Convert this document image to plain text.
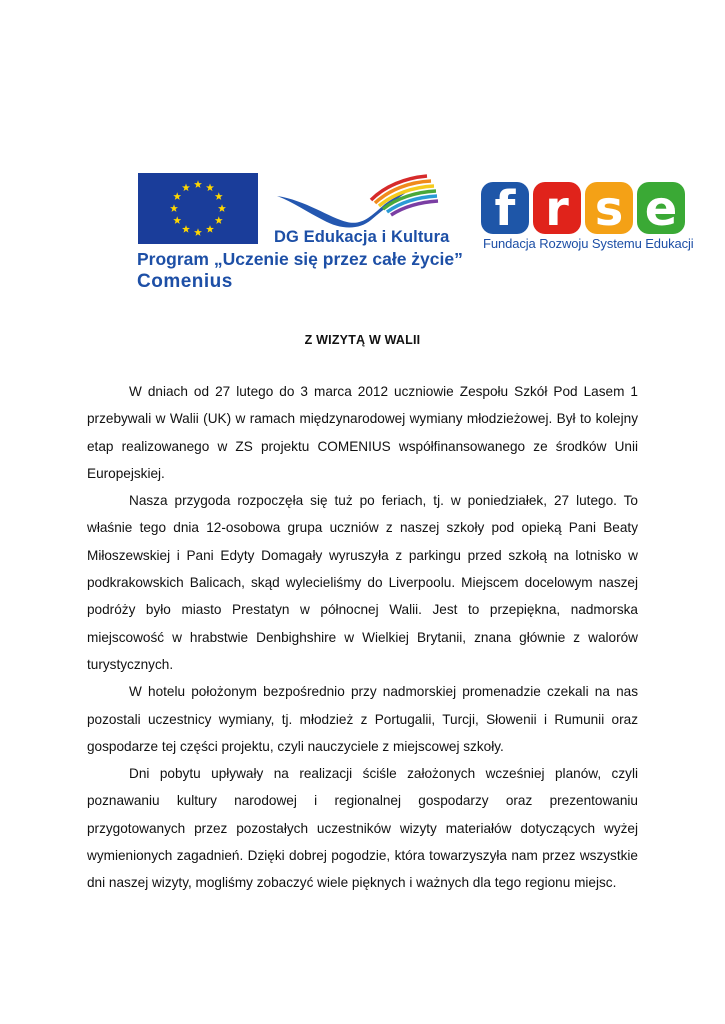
DG Edukacja i Kultura
Program „Uczenie się przez całe życie”
Comenius
f r s e
Fundacja Rozwoju Systemu Edukacji
Z WIZYTĄ W WALII

W dniach od 27 lutego do 3 marca 2012 uczniowie Zespołu Szkół Pod Lasem 1 przebywali w Walii (UK) w ramach międzynarodowej wymiany młodzieżowej. Był to kolejny etap realizowanego w ZS projektu COMENIUS współfinansowanego ze środków Unii Europejskiej.

Nasza przygoda rozpoczęła się tuż po feriach, tj. w poniedziałek, 27 lutego. To właśnie tego dnia 12-osobowa grupa uczniów z naszej szkoły pod opieką Pani Beaty Miłoszewskiej i Pani Edyty Domagały wyruszyła z parkingu przed szkołą na lotnisko w podkrakowskich Balicach, skąd wylecieliśmy do Liverpoolu. Miejscem docelowym naszej podróży było miasto Prestatyn w północnej Walii. Jest to przepiękna, nadmorska miejscowość w hrabstwie Denbighshire w Wielkiej Brytanii, znana głównie z walorów turystycznych.

W hotelu położonym bezpośrednio przy nadmorskiej promenadzie czekali na nas pozostali uczestnicy wymiany, tj. młodzież z Portugalii, Turcji, Słowenii i Rumunii oraz gospodarze tej części projektu, czyli nauczyciele z miejscowej szkoły.

Dni pobytu upływały na realizacji ściśle założonych wcześniej planów, czyli poznawaniu kultury narodowej i regionalnej gospodarzy oraz prezentowaniu przygotowanych przez pozostałych uczestników wizyty materiałów dotyczących wyżej wymienionych zagadnień. Dzięki dobrej pogodzie, która towarzyszyła nam przez wszystkie dni naszej wizyty, mogliśmy zobaczyć wiele pięknych i ważnych dla tego regionu miejsc.
